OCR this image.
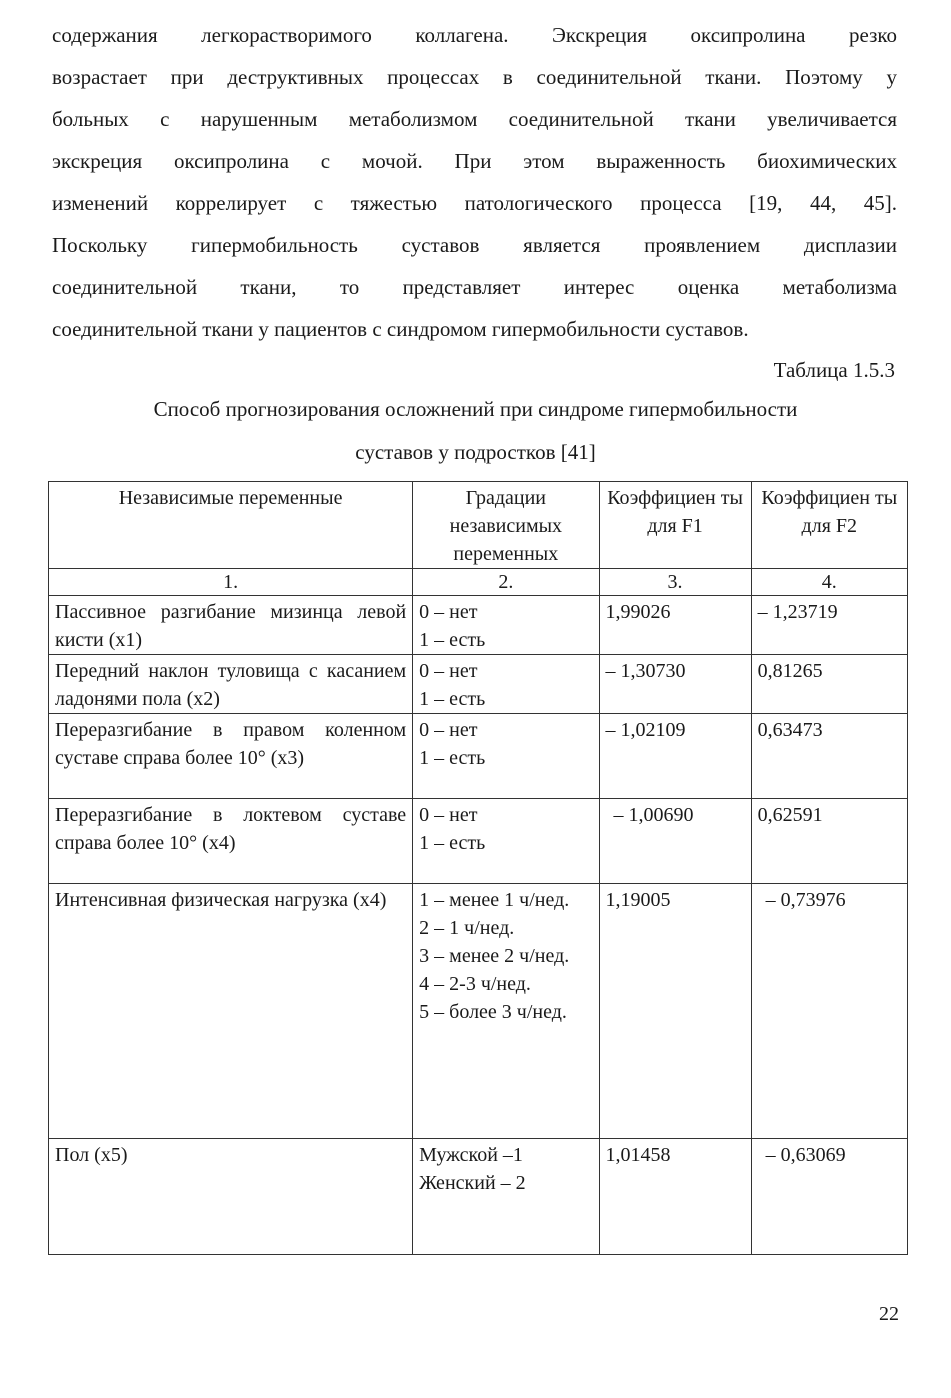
содержания легкорастворимого коллагена. Экскреция оксипролина резко
возрастает при деструктивных процессах в соединительной ткани. Поэтому у
больных с нарушенным метаболизмом соединительной ткани увеличивается
экскреция оксипролина с мочой. При этом выраженность биохимических
изменений коррелирует с тяжестью патологического процесса [19, 44, 45].
Поскольку гипермобильность суставов является проявлением дисплазии
соединительной ткани, то представляет интерес оценка метаболизма
соединительной ткани у пациентов с синдромом гипермобильности суставов.

Таблица 1.5.3

Способ прогнозирования осложнений при синдроме гипермобильности

суставов у подростков [41]

Независимые переменные	Градации независимых переменных	Коэффициен ты для F1	Коэффициен ты для F2
1.	2.	3.	4.
Пассивное разгибание мизинца левой кисти (x1)	0 – нет
1 – есть	1,99026	– 1,23719
Передний наклон туловища с касанием ладонями пола (x2)	0 – нет
1 – есть	– 1,30730	0,81265
Переразгибание в правом коленном суставе справа более 10° (x3)	0 – нет
1 – есть	– 1,02109	0,63473
Переразгибание в локтевом суставе справа более 10° (x4)	0 – нет
1 – есть	– 1,00690	0,62591
Интенсивная физическая нагрузка (x4)	1 – менее 1 ч/нед.
2 – 1 ч/нед.
3 – менее 2 ч/нед.
4 – 2-3 ч/нед.
5 – более 3 ч/нед.	1,19005	– 0,73976
Пол (x5)	Мужской –1
Женский – 2	1,01458	– 0,63069

22
